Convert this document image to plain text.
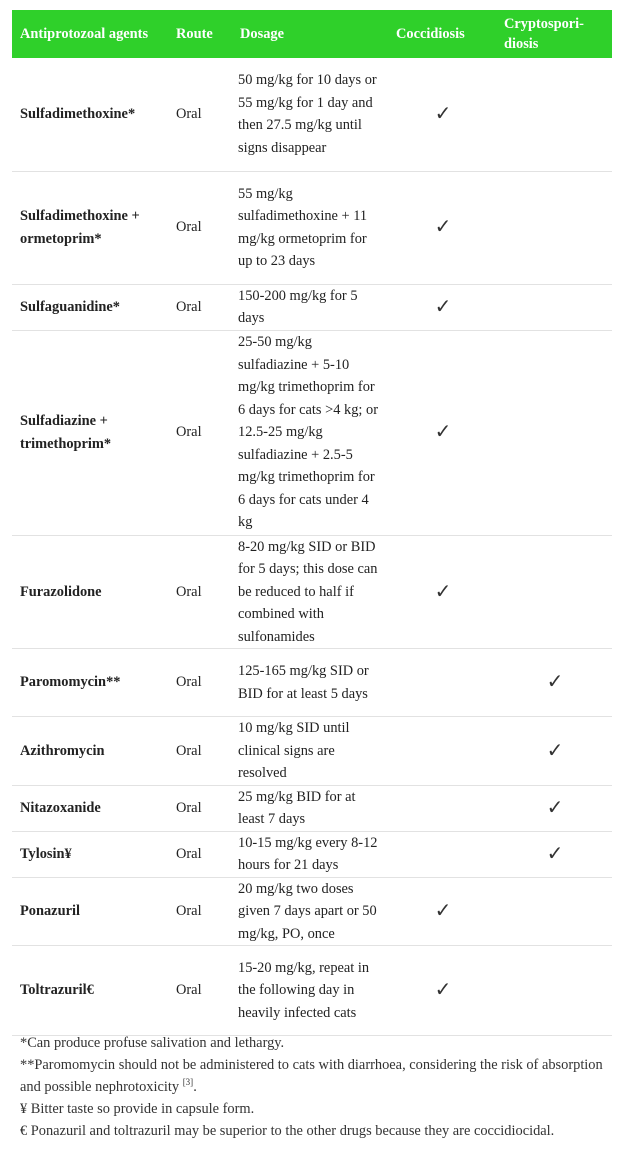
Antiprotozoal agents	Route	Dosage	Coccidiosis	Cryptospori-diosis
Sulfadimethoxine*	Oral	50 mg/kg for 10 days or 55 mg/kg for 1 day and then 27.5 mg/kg until signs disappear	✓	
Sulfadimethoxine + ormetoprim*	Oral	55 mg/kg sulfadimethoxine + 11 mg/kg ormetoprim for up to 23 days	✓	
Sulfaguanidine*	Oral	150-200 mg/kg for 5 days	✓	
Sulfadiazine + trimethoprim*	Oral	25-50 mg/kg sulfadiazine + 5-10 mg/kg trimethoprim for 6 days for cats >4 kg; or 12.5-25 mg/kg sulfadiazine + 2.5-5 mg/kg trimethoprim for 6 days for cats under 4 kg	✓	
Furazolidone	Oral	8-20 mg/kg SID or BID for 5 days; this dose can be reduced to half if combined with sulfonamides	✓	
Paromomycin**	Oral	125-165 mg/kg SID or BID for at least 5 days		✓
Azithromycin	Oral	10 mg/kg SID until clinical signs are resolved		✓
Nitazoxanide	Oral	25 mg/kg BID for at least 7 days		✓
Tylosin¥	Oral	10-15 mg/kg every 8-12 hours for 21 days		✓
Ponazuril	Oral	20 mg/kg two doses given 7 days apart or 50 mg/kg, PO, once	✓	
Toltrazuril€	Oral	15-20 mg/kg, repeat in the following day in heavily infected cats	✓	

*Can produce profuse salivation and lethargy.

**Paromomycin should not be administered to cats with diarrhoea, considering the risk of absorption and possible nephrotoxicity [3].

¥ Bitter taste so provide in capsule form.

€ Ponazuril and toltrazuril may be superior to the other drugs because they are coccidiocidal.
